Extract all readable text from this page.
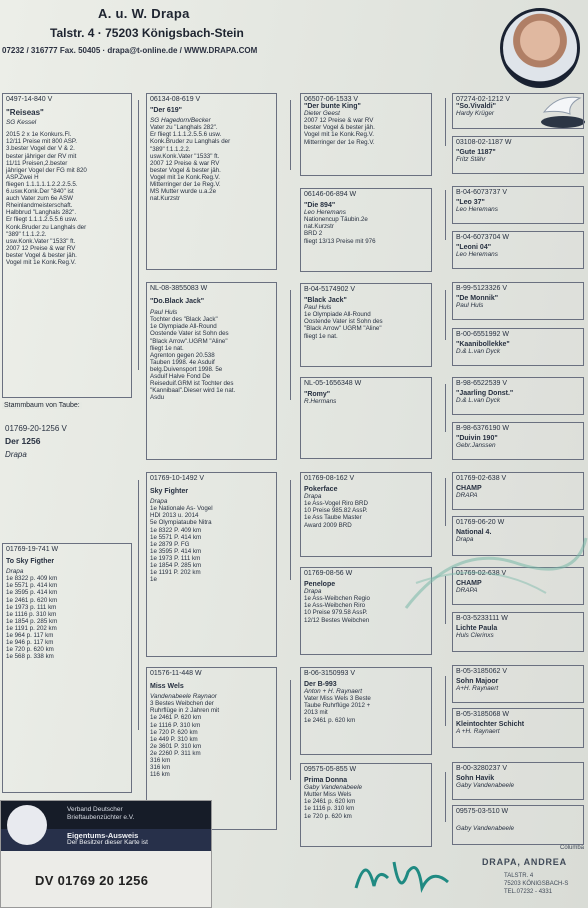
A. u. W. Drapa
Talstr. 4 · 75203 Königsbach-Stein
07232 / 316777 Fax. 50405 · drapa@t-online.de / WWW.DRAPA.COM
0497-14-840 V
"Reiseas"
SG Kessel
2015 2 x 1e Konkurs.Fl.
12/11 Preise mit 800 ASP.
3.bester Vogel der V & 2.
bester jähriger der RV mit
11/11 Preisen,2.bester
jähriger Vogel der FG mit 820
ASP.Zwei H
fliegen 1.1.1.1.1.2.2.2.5.5.
6.usw.Konk.Der "840" ist
auch Vater zum 6e ASW
Rheinlandmeisterschaft.
Halbbrud "Langhals 282".
Er fliegt 1.1.1.2.5.5.6 usw.
Konk.Bruder zu Langhals der
"389" f.1.1.2.2.
usw.Konk.Vater "1533" ft.
2007 12 Preise & war RV
bester Vogel & bester jäh.
Vogel mit 1e Konk.Reg.V.
Stammbaum von Taube:
01769-20-1256 V
Der 1256
Drapa
01769-19-741 W
To Sky Figther
Drapa
1e 8322 p. 409 km
1e 5571 p. 414 km
1e 3595 p. 414 km
1e 2461 p. 620 km
1e 1973 p. 111 km
1e 1116 p. 310 km
1e 1854 p. 285 km
1e 1191 p. 202 km
1e 964 p. 117 km
1e 946 p. 117 km
1e 720 p. 620 km
1e 568 p. 338 km
06134-08-619 V
"Der 619"
SG Hagedorn/Becker
Vater zu "Langhals 282".
Er fliegt 1.1.1.2.5.5.6 usw.
Konk.Bruder zu Langhals der
"389" f.1.1.2.2.
usw.Konk.Vater "1533" ft.
2007 12 Preise & war RV
bester Vogel & bester jäh.
Vogel mit 1e Konk.Reg.V.
Mitterringer der 1e Reg.V.
MS Mutter wurde u.a.2e
nat.Kurzstr
NL-08-3855083 W
"Do.Black Jack"
Paul Huls
Tochter des "Black Jack"
1e Olympiade All-Round
Oostende Vater ist Sohn des
"Black Arrow".UGRM "Aline"
fliegt 1e nat.
Agrenton gegen 20.538
Tauben 1998. 4e Asduif
belg.Duivensport 1998. 5e
Asduif Halve Fond De
Reiseduif.GRM ist Tochter des
"Kannibaal".Dieser wird 1e nat.
Asdu
01769-10-1492 V
Sky Fighter
Drapa
1e Nationale As- Vogel
HDI 2013 u. 2014
5e Olympiataube Nitra
1e 8322 P. 409 km
1e 5571 P. 414 km
1e 2879 P. FG
1e 3595 P. 414 km
1e 1973 P. 111 km
1e 1854 P. 285 km
1e 1191 P. 202 km
1e
01576-11-448 W
Miss Wels
Vandenabeele Raynaor
3 Bestes Weibchen der
Ruhrflüge in 2 Jahren mit
1e 2461 P. 620 km
1e 1116 P. 310 km
1e 720 P. 620 km
1e 449 P. 310 km
2e 3601 P. 310 km
2e 2260 P. 311 km
316 km
316 km
116 km
06507-06-1533 V
"Der bunte King"
Dieter Geest
2007 12 Preise & war RV
bester Vogel & bester jäh.
Vogel mit 1e Konk.Reg.V.
Mitterringer der 1e Reg.V.
06146-06-894 W
"Die 894"
Leo Heremans
Nationencup Täubin.2e
nat.Kurzstr
BRD 2
fliegt 13/13 Preise mit 976
B-04-5174902 V
"Black Jack"
Paul Huls
1e Olympiade All-Round
Oostende Vater ist Sohn des
"Black Arrow" UGRM "Aline"
fliegt 1e nat.
NL-05-1656348 W
"Romy"
R.Hermans
01769-08-162 V
Pokerface
Drapa
1e Ass-Vogel Riro BRD
10 Preise 985.82 AssP.
1e Ass Taube Master
Award 2009 BRD
01769-08-56 W
Penelope
Drapa
1e Ass-Weibchen Regio
1e Ass-Weibchen Riro
10 Preise 979.58 AssP.
12/12 Bestes Weibchen
B-06-3150993 V
Der B-993
Anton + H. Raynaert
Vater Miss Wels 3 Beste
Taube Ruhrflüge 2012 +
2013 mit
1e 2461 p. 620 km
09575-05-855 W
Prima Donna
Gaby Vandenabeele
Mutter Miss Wels
1e 2461 p. 620 km
1e 1116 p. 310 km
1e 720 p. 620 km
07274-02-1212 V
"So.Vivaldi"
Hardy Krüger
03108-02-1187 W
"Gute 1187"
Fritz Stähr
B-04-6073737 V
"Leo 37"
Leo Heremans
B-04-6073704 W
"Leoni 04"
Leo Heremans
B-99-5123326 V
"De Monnik"
Paul Huls
B-00-6551992 W
"Kaanibollekke"
D.& L.van Dyck
B-98-6522539 V
"Jaarling Donst."
D.& L.van Dyck
B-98-6376190 W
"Duivin 190"
Gebr.Janssen
01769-02-638 V
CHAMP
DRAPA
01769-06-20 W
National 4.
Drapa
01769-02-638 V
CHAMP
DRAPA
B-03-5233111 W
Lichte Paula
Huls Clerinxs
B-05-3185062 V
Sohn Majoor
A+H. Raynaert
B-05-3185068 W
Kleintochter Schicht
A +H. Raynaert
B-00-3280237 V
Sohn Havik
Gaby Vandenabeele
09575-03-510 W
Gaby Vandenabeele
Verband Deutscher
Brieftaubenzüchter e.V.
Eigentums-Ausweis
Der Besitzer dieser Karte ist
DV 01769 20 1256
Columba
DRAPA, ANDREA
TALSTR. 4
75203 KÖNIGSBACH-S
TEL.07232 - 4331
